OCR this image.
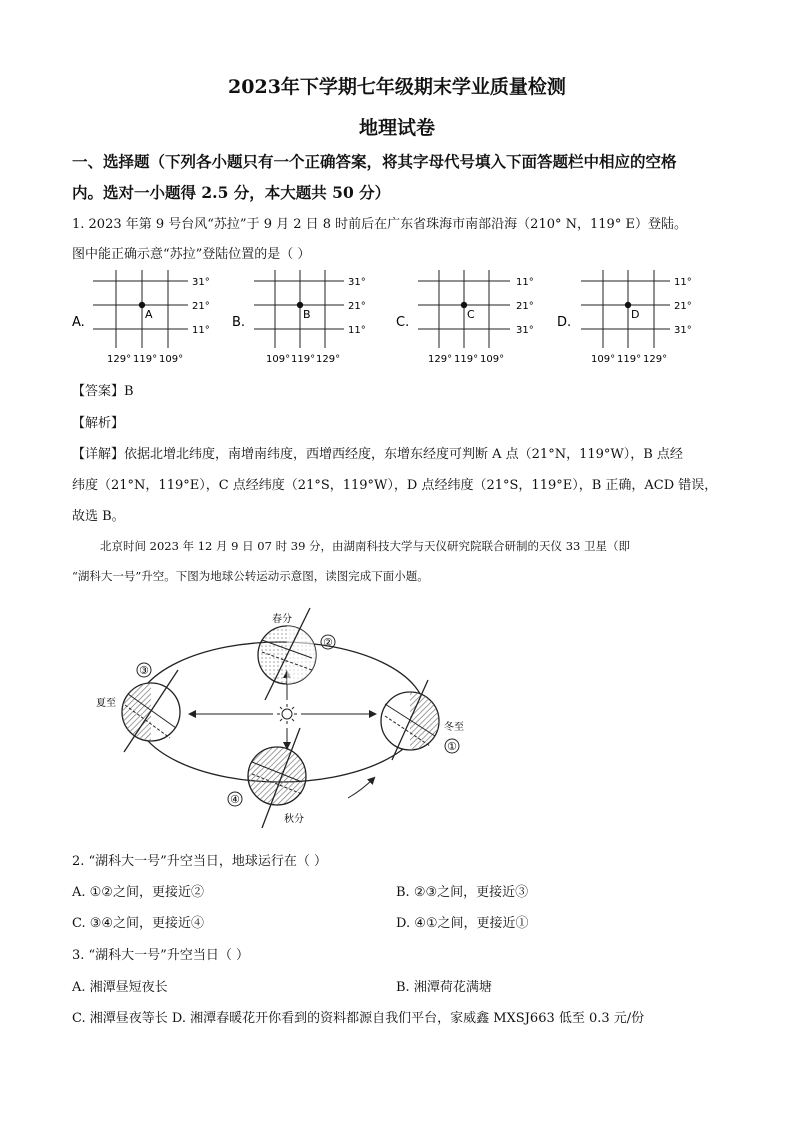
2023年下学期七年级期末学业质量检测
地理试卷
一、选择题（下列各小题只有一个正确答案，将其字母代号填入下面答题栏中相应的空格
内。选对一小题得 2.5 分，本大题共 50 分）
1. 2023 年第 9 号台风“苏拉”于 9 月 2 日 8 时前后在广东省珠海市南部沿海（210° N，119° E）登陆。
图中能正确示意“苏拉”登陆位置的是（ ）
A.
A
31°
21°
11°
129° 119° 109°
B.
B
31°
21°
11°
109° 119° 129°
C.
C
11°
21°
31°
129° 119° 109°
D.
D
11°
21°
31°
109° 119° 129°
【答案】B
【解析】
【详解】依据北增北纬度，南增南纬度，西增西经度，东增东经度可判断 A 点（21°N，119°W），B 点经
纬度（21°N，119°E），C 点经纬度（21°S，119°W），D 点经纬度（21°S，119°E），B 正确，ACD 错误，
故选 B。
北京时间 2023 年 12 月 9 日 07 时 39 分，由湖南科技大学与天仪研究院联合研制的天仪 33 卫星（即
“湖科大一号”升空。下图为地球公转运动示意图，读图完成下面小题。
春分
②
夏至
③
冬至
①
秋分
④
2. “湖科大一号”升空当日，地球运行在（ ）
A. ①②之间，更接近②	B. ②③之间，更接近③
C. ③④之间，更接近④	D. ④①之间，更接近①
3. “湖科大一号”升空当日（ ）
A. 湘潭昼短夜长	B. 湘潭荷花满塘
C. 湘潭昼夜等长 D. 湘潭春暖花开你看到的资料都源自我们平台，家威鑫 MXSJ663 低至 0.3 元/份
